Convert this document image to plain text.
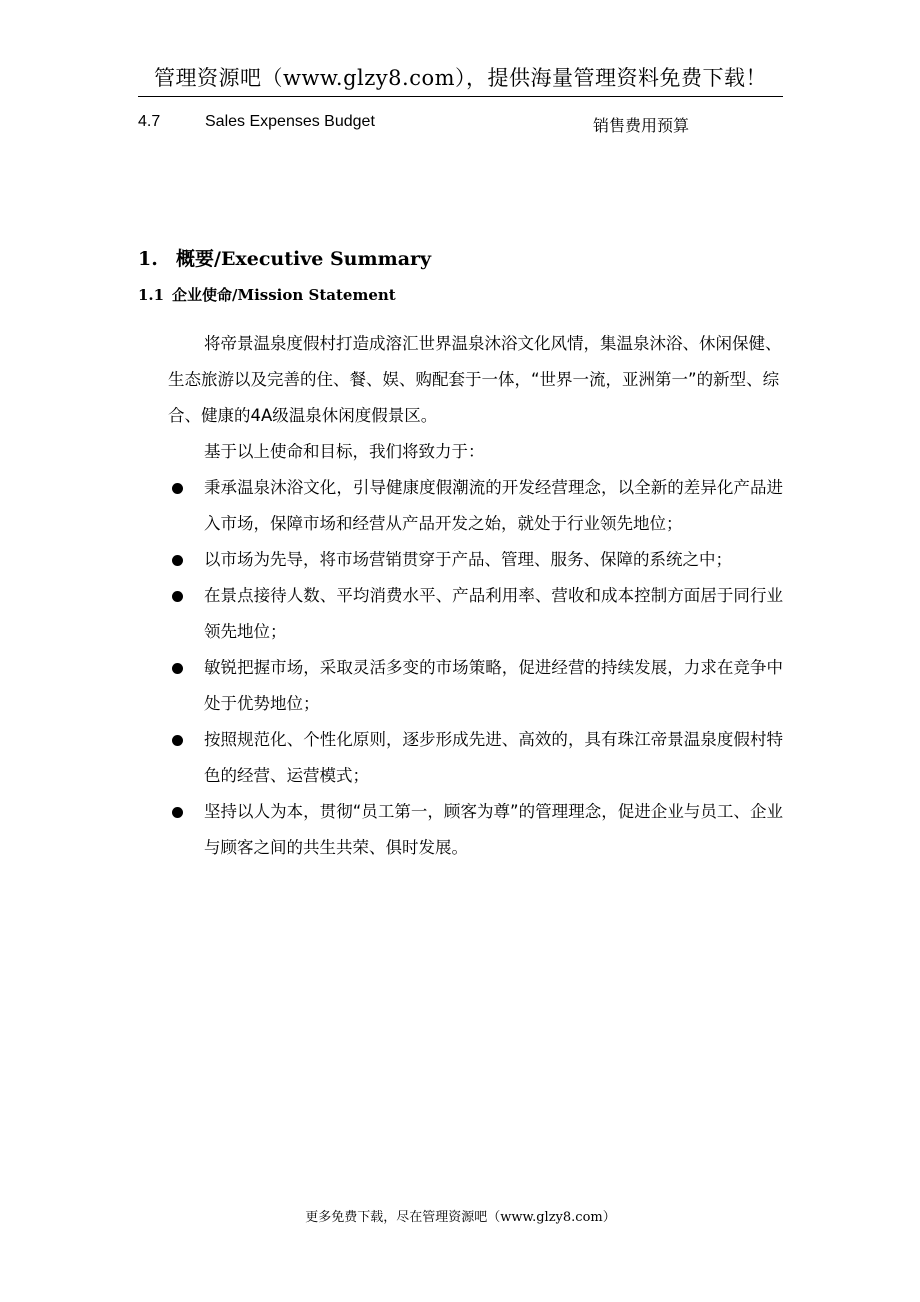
管理资源吧（www.glzy8.com），提供海量管理资料免费下载！
4.7	Sales Expenses Budget	销售费用预算
1. 概要/Executive Summary
1.1 企业使命/Mission Statement

将帝景温泉度假村打造成溶汇世界温泉沐浴文化风情，集温泉沐浴、休闲保健、生态旅游以及完善的住、餐、娱、购配套于一体，“世界一流，亚洲第一”的新型、综合、健康的4A级温泉休闲度假景区。

基于以上使命和目标，我们将致力于：

秉承温泉沐浴文化，引导健康度假潮流的开发经营理念，以全新的差异化产品进入市场，保障市场和经营从产品开发之始，就处于行业领先地位；
以市场为先导，将市场营销贯穿于产品、管理、服务、保障的系统之中；
在景点接待人数、平均消费水平、产品利用率、营收和成本控制方面居于同行业领先地位；
敏锐把握市场，采取灵活多变的市场策略，促进经营的持续发展，力求在竞争中处于优势地位；
按照规范化、个性化原则，逐步形成先进、高效的，具有珠江帝景温泉度假村特色的经营、运营模式；
坚持以人为本，贯彻“员工第一，顾客为尊”的管理理念，促进企业与员工、企业与顾客之间的共生共荣、俱时发展。
更多免费下载，尽在管理资源吧（www.glzy8.com）
